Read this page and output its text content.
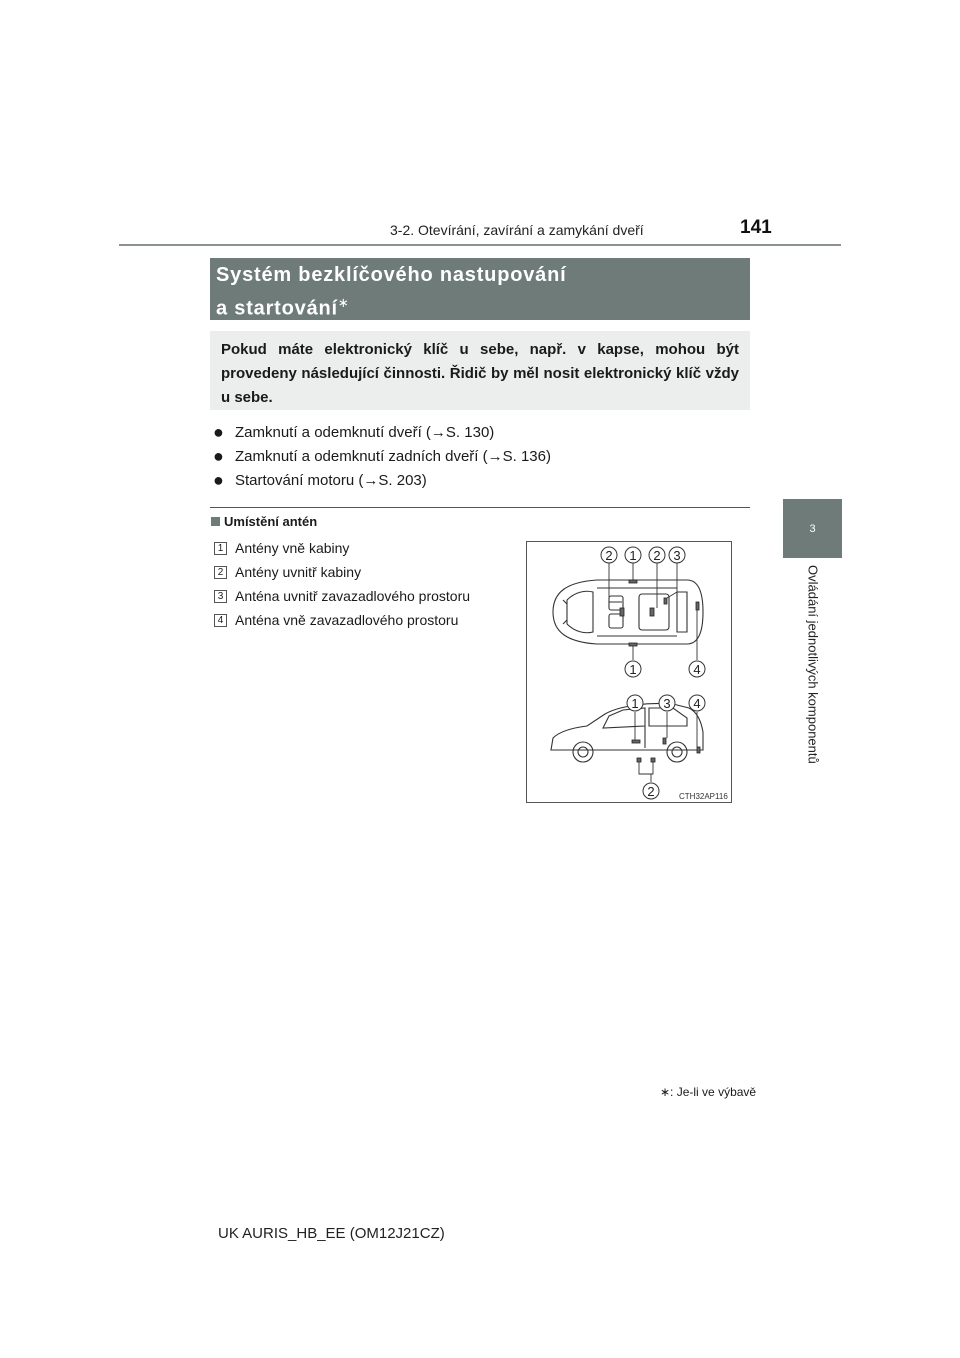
3-2. Otevírání, zavírání a zamykání dveří	141
3
Ovládání jednotlivých komponentů
Systém bezklíčového nastupování
a startování∗
Pokud máte elektronický klíč u sebe, např. v kapse, mohou být provedeny následující činnosti. Řidič by měl nosit elektronický klíč vždy u sebe.
● Zamknutí a odemknutí dveří (→S. 130)
● Zamknutí a odemknutí zadních dveří (→S. 136)
● Startování motoru (→S. 203)
Umístění antén
1 Antény vně kabiny
2 Antény uvnitř kabiny
3 Anténa uvnitř zavazadlového prostoru
4 Anténa vně zavazadlového prostoru
2 1 2 3
1	4
1 3 4
2	CTH32AP116
∗: Je-li ve výbavě
UK AURIS_HB_EE (OM12J21CZ)
